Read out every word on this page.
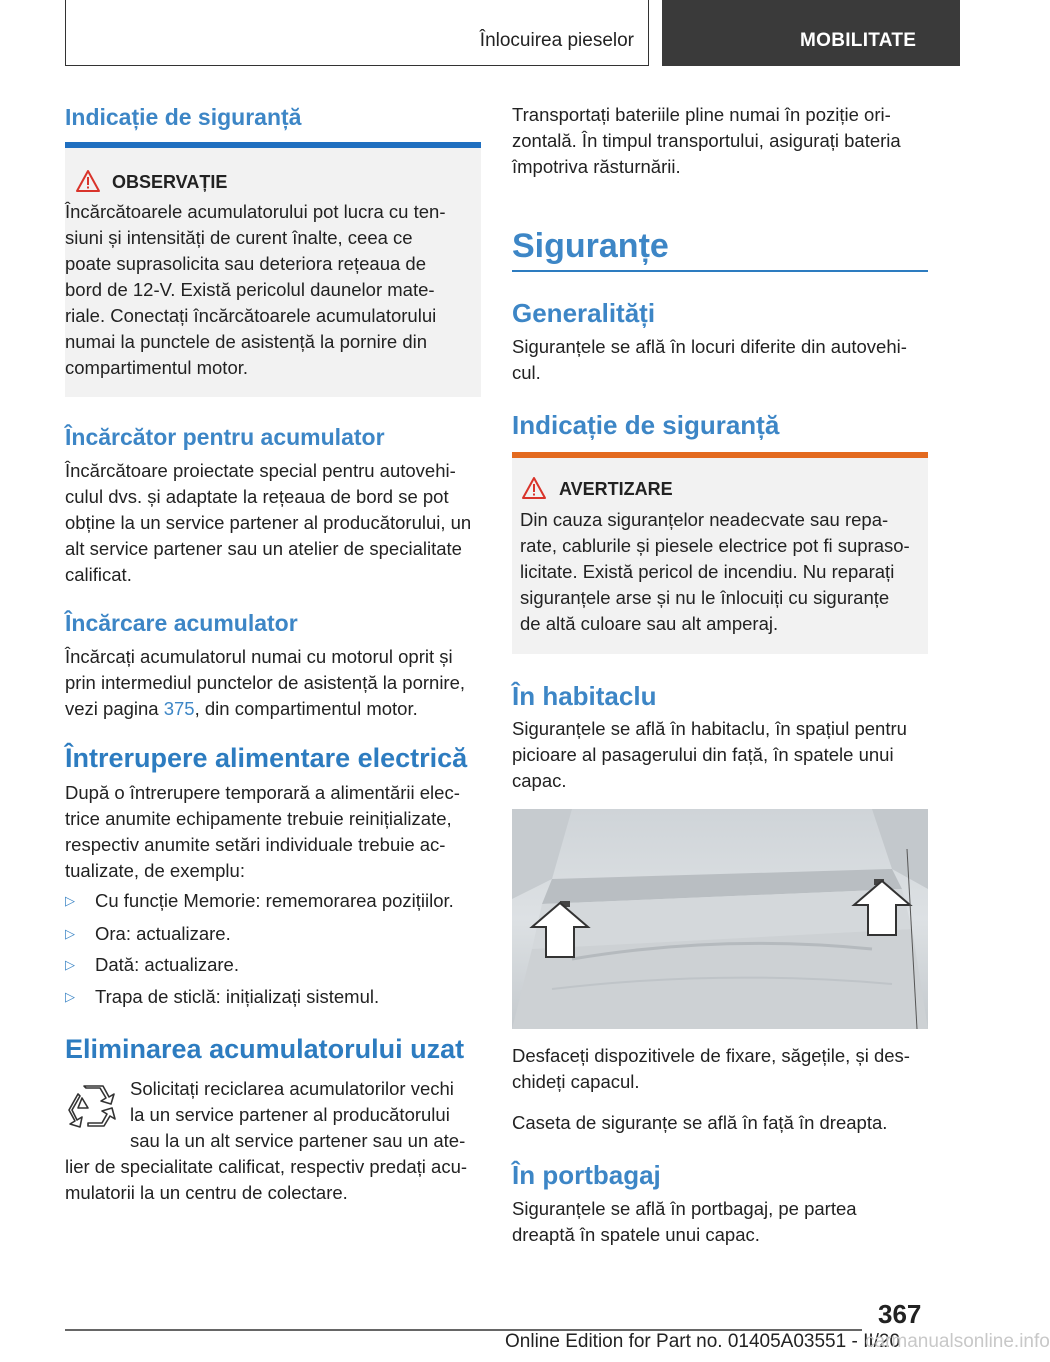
Înlocuirea pieselor	MOBILITATE
Indicație de siguranță
OBSERVAȚIE
Încărcătoarele acumulatorului pot lucra cu ten-
siuni și intensități de curent înalte, ceea ce
poate suprasolicita sau deteriora rețeaua de
bord de 12-V. Există pericolul daunelor mate-
riale. Conectați încărcătoarele acumulatorului
numai la punctele de asistență la pornire din
compartimentul motor.
Încărcător pentru acumulator
Încărcătoare proiectate special pentru autovehi-
culul dvs. și adaptate la rețeaua de bord se pot
obține la un service partener al producătorului, un
alt service partener sau un atelier de specialitate
calificat.
Încărcare acumulator
Încărcați acumulatorul numai cu motorul oprit și
prin intermediul punctelor de asistență la pornire,
vezi pagina 375, din compartimentul motor.
Întrerupere alimentare electrică
După o întrerupere temporară a alimentării elec-
trice anumite echipamente trebuie reinițializate,
respectiv anumite setări individuale trebuie ac-
tualizate, de exemplu:
▷ Cu funcție Memorie: rememorarea pozițiilor.
▷ Ora: actualizare.
▷ Dată: actualizare.
▷ Trapa de sticlă: inițializați sistemul.
Eliminarea acumulatorului uzat
Solicitați reciclarea acumulatorilor vechi
la un service partener al producătorului
sau la un alt service partener sau un ate-
lier de specialitate calificat, respectiv predați acu-
mulatorii la un centru de colectare.
Transportați bateriile pline numai în poziție ori-
zontală. În timpul transportului, asigurați bateria
împotriva răsturnării.
Siguranțe
Generalități
Siguranțele se află în locuri diferite din autovehi-
cul.
Indicație de siguranță
AVERTIZARE
Din cauza siguranțelor neadecvate sau repa-
rate, cablurile și piesele electrice pot fi supraso-
licitate. Există pericol de incendiu. Nu reparați
siguranțele arse și nu le înlocuiți cu siguranțe
de altă culoare sau alt amperaj.
În habitaclu
Siguranțele se află în habitaclu, în spațiul pentru
picioare al pasagerului din față, în spatele unui
capac.
Desfaceți dispozitivele de fixare, săgețile, și des-
chideți capacul.
Caseta de siguranțe se află în față în dreapta.
În portbagaj
Siguranțele se află în portbagaj, pe partea
dreaptă în spatele unui capac.
367
Online Edition for Part no. 01405A03551 - II/20
carmanualsonline.info
